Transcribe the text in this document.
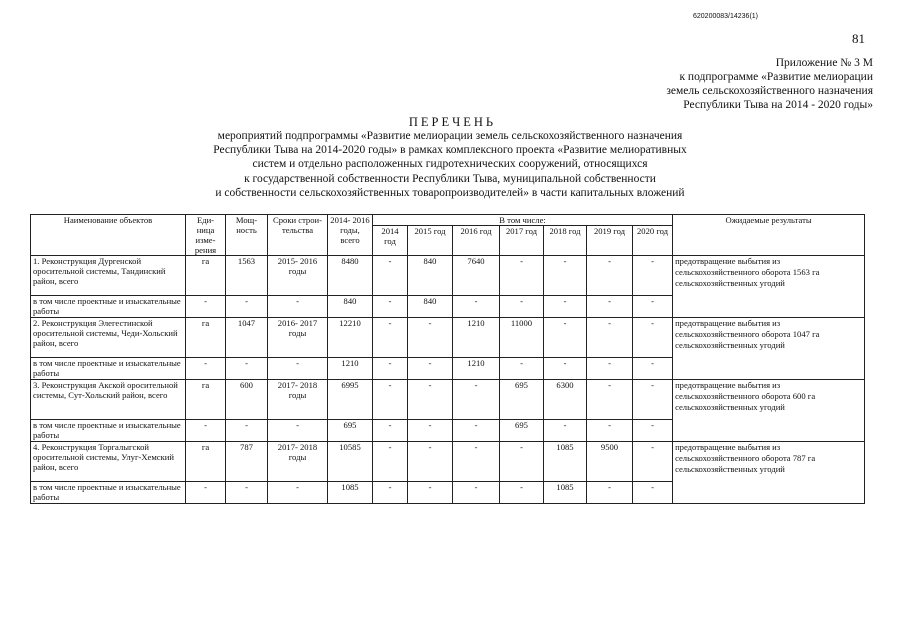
620200083/14236(1)
81
Приложение № 3 М
к подпрограмме «Развитие мелиорации
земель сельскохозяйственного назначения
Республики Тыва на 2014 - 2020 годы»
ПЕРЕЧЕНЬ
мероприятий подпрограммы «Развитие мелиорации земель сельскохозяйственного назначения
Республики Тыва на 2014-2020 годы» в рамках комплексного проекта «Развитие мелиоративных
систем и отдельно расположенных гидротехнических сооружений, относящихся
к государственной собственности Республики Тыва, муниципальной собственности
и собственности сельскохозяйственных товаропроизводителей» в части капитальных вложений
Наименование объектов	Еди- ница изме- рения	Мощ- ность	Сроки строи- тельства	2014- 2016 годы, всего	В том числе:							Ожидаемые результаты
					2014 год	2015 год	2016 год	2017 год	2018 год	2019 год	2020 год	
1. Реконструкция Дургенской оросительной системы, Тандинский район, всего	га	1563	2015- 2016 годы	8480	-	840	7640	-	-	-	-	предотвращение выбытия из сельскохозяйственного оборота 1563 га сельскохозяйственных угодий
в том числе проектные и изыскательные работы	-	-	-	840	-	840	-	-	-	-	-	
2. Реконструкция Элегестинской оросительной системы, Чеди-Хольский район, всего	га	1047	2016- 2017 годы	12210	-	-	1210	11000	-	-	-	предотвращение выбытия из сельскохозяйственного оборота 1047 га сельскохозяйственных угодий
в том числе проектные и изыскательные работы	-	-	-	1210	-	-	1210	-	-	-	-	
3. Реконструкция Акской оросительной системы, Сут-Хольский район, всего	га	600	2017- 2018 годы	6995	-	-	-	695	6300	-	-	предотвращение выбытия из сельскохозяйственного оборота 600 га сельскохозяйственных угодий
в том числе проектные и изыскательные работы	-	-	-	695	-	-	-	695	-	-	-	
4. Реконструкция Торгалыгской оросительной системы, Улуг-Хемский район, всего	га	787	2017- 2018 годы	10585	-	-	-	-	1085	9500	-	предотвращение выбытия из сельскохозяйственного оборота 787 га сельскохозяйственных угодий
в том числе проектные и изыскательные работы	-	-	-	1085	-	-	-	-	1085	-	-	
